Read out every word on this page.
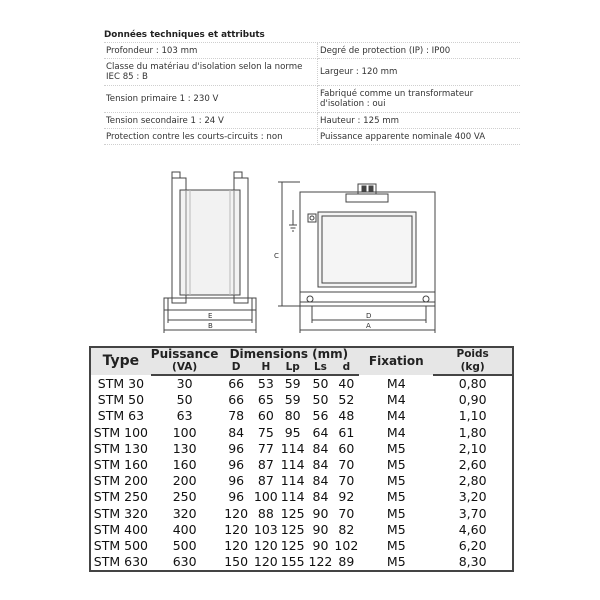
Données techniques et attributs
Profondeur : 103 mm	Degré de protection (IP) : IP00
Classe du matériau d'isolation selon la norme IEC 85 : B	Largeur : 120 mm
Tension primaire 1 : 230 V	Fabriqué comme un transformateur d'isolation : oui
Tension secondaire 1 : 24 V	Hauteur : 125 mm
Protection contre les courts-circuits : non	Puissance apparente nominale 400 VA
E
B
C
D
A
Type	Puissance	Dimensions (mm)					Fixation	Poids
	(VA)	D	H	Lp	Ls	d		(kg)
STM 30	30	66	53	59	50	40	M4	0,80
STM 50	50	66	65	59	50	52	M4	0,90
STM 63	63	78	60	80	56	48	M4	1,10
STM 100	100	84	75	95	64	61	M4	1,80
STM 130	130	96	77	114	84	60	M5	2,10
STM 160	160	96	87	114	84	70	M5	2,60
STM 200	200	96	87	114	84	70	M5	2,80
STM 250	250	96	100	114	84	92	M5	3,20
STM 320	320	120	88	125	90	70	M5	3,70
STM 400	400	120	103	125	90	82	M5	4,60
STM 500	500	120	120	125	90	102	M5	6,20
STM 630	630	150	120	155	122	89	M5	8,30
